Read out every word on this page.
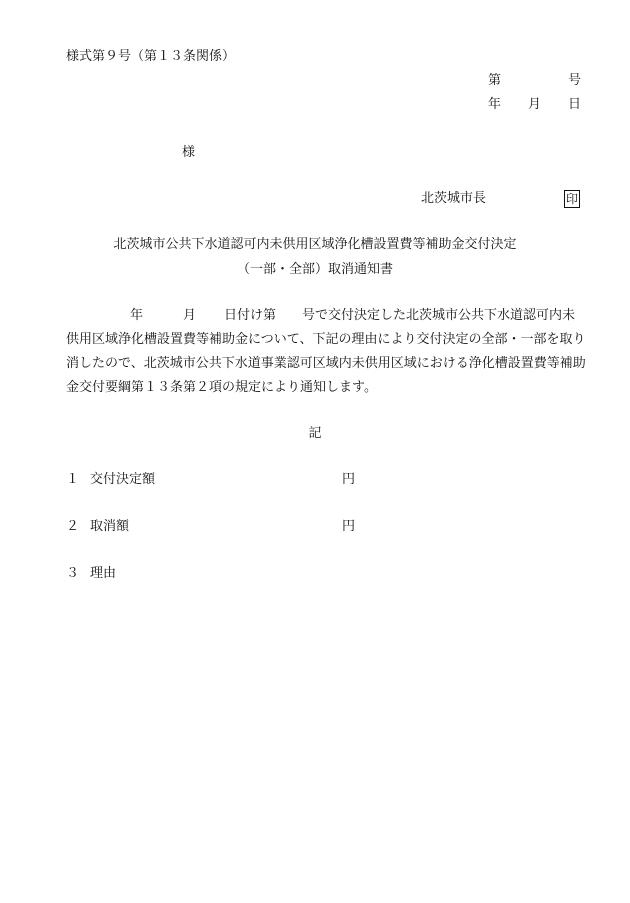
様式第９号（第１３条関係）
第	号
年 月 日
様
北茨城市長	印
北茨城市公共下水道認可内未供用区域浄化槽設置費等補助金交付決定
（一部・全部）取消通知書
年	月 日付け第 号で交付決定した北茨城市公共下水道認可内未
供用区域浄化槽設置費等補助金について、下記の理由により交付決定の全部・一部を取り
消したので、北茨城市公共下水道事業認可区域内未供用区域における浄化槽設置費等補助
金交付要綱第１３条第２項の規定により通知します。
記
１ 交付決定額	円
２ 取消額	円
３ 理由
